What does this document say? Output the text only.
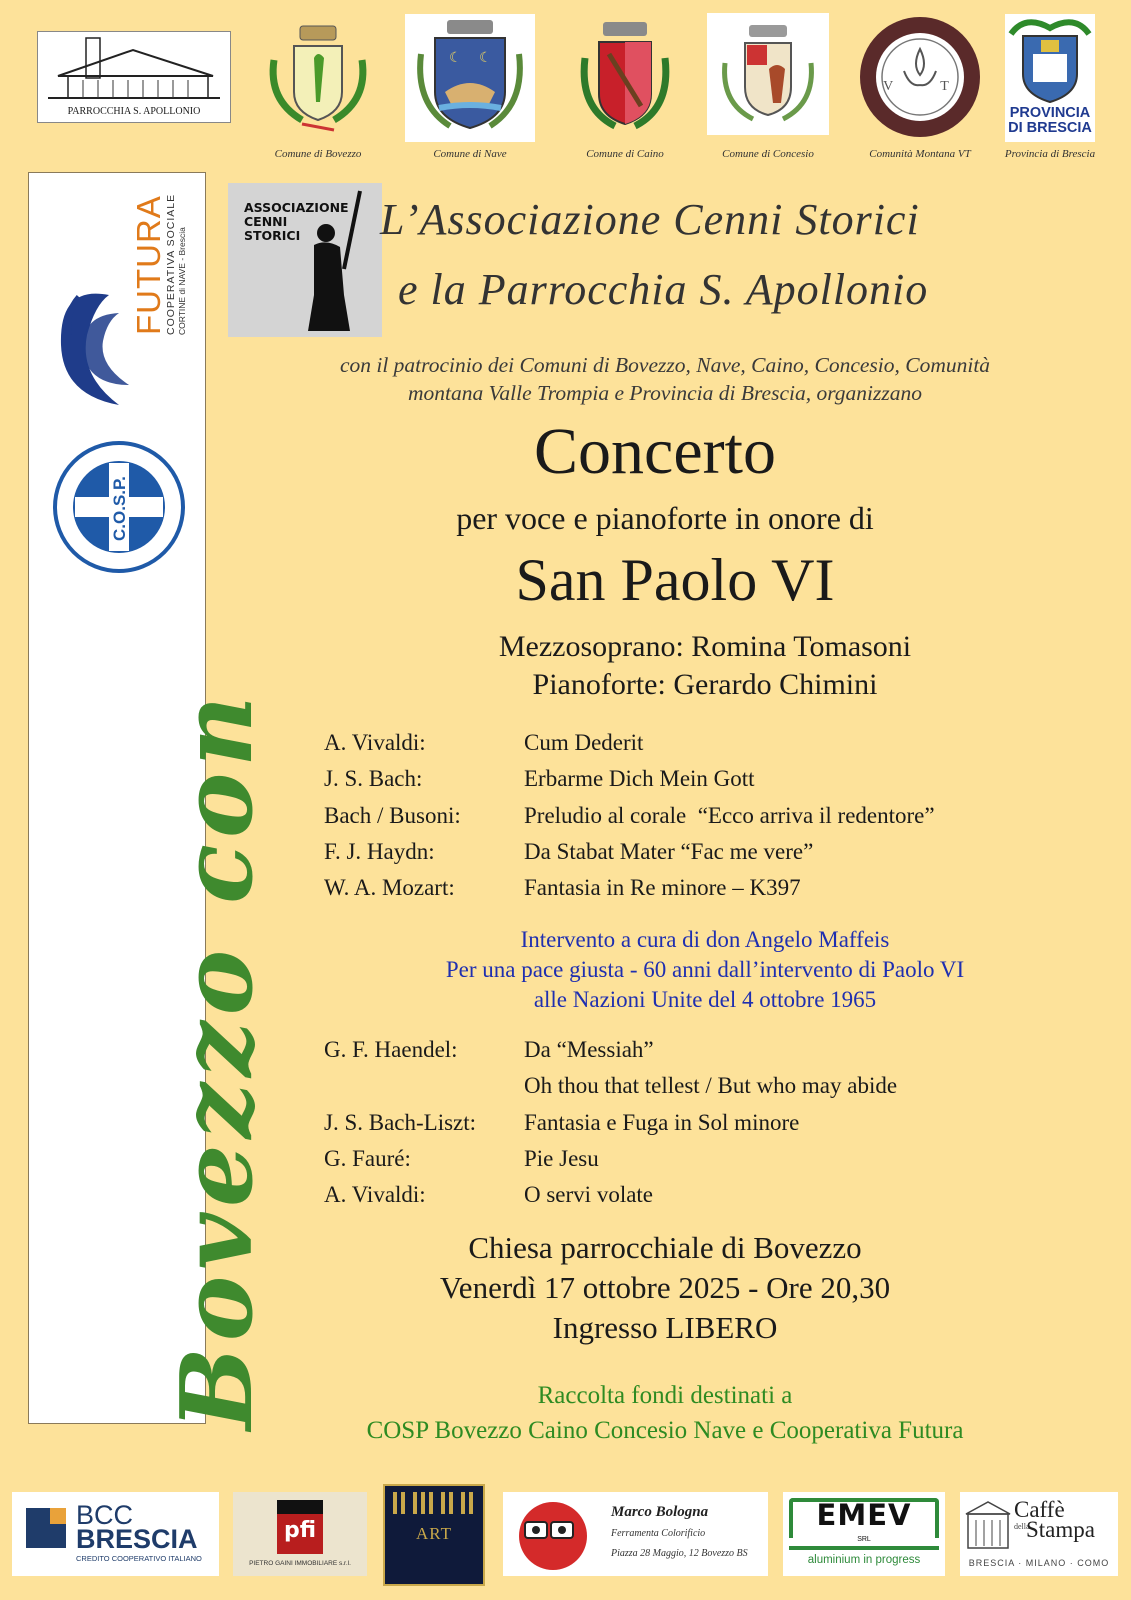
PARROCCHIA S. APOLLONIO
Comune di Bovezzo
☾ ☾
Comune di Nave	Comune di Caino	Comune di Concesio
V T
Comunità Montana VT
PROVINCIA DI BRESCIA
Provincia di Brescia
FUTURA
COOPERATIVA SOCIALE CORTINE di NAVE - Brescia
C.O.S.P.
Bovezzo con
ASSOCIAZIONE CENNI STORICI	L’Associazione Cenni Storici
e la Parrocchia S. Apollonio
con il patrocinio dei Comuni di Bovezzo, Nave, Caino, Concesio, Comunità
montana Valle Trompia e Provincia di Brescia, organizzano
Concerto
per voce e pianoforte in onore di
San Paolo VI
Mezzosoprano: Romina Tomasoni
Pianoforte: Gerardo Chimini
A. Vivaldi:	Cum Dederit
J. S. Bach:	Erbarme Dich Mein Gott
Bach / Busoni:	Preludio al corale  “Ecco arriva il redentore”
F. J. Haydn:	Da Stabat Mater “Fac me vere”
W. A. Mozart:	Fantasia in Re minore – K397
Intervento a cura di don Angelo Maffeis
Per una pace giusta - 60 anni dall’intervento di Paolo VI
alle Nazioni Unite del 4 ottobre 1965
G. F. Haendel:	Da “Messiah”
Oh thou that tellest / But who may abide
J. S. Bach-Liszt:	Fantasia e Fuga in Sol minore
G. Fauré:	Pie Jesu
A. Vivaldi:	O servi volate
Chiesa parrocchiale di Bovezzo
Venerdì 17 ottobre 2025 - Ore 20,30
Ingresso LIBERO
Raccolta fondi destinati a
COSP Bovezzo Caino Concesio Nave e Cooperativa Futura
BCC
BRESCIA
CREDITO COOPERATIVO ITALIANO
pfi
PIETRO GAINI IMMOBILIARE s.r.l.
ART
Marco Bologna
Ferramenta Colorificio
Piazza 28 Maggio, 12 Bovezzo BS
EMEV
SRL
aluminium in progress
Caffè
della
Stampa
BRESCIA · MILANO · COMO
